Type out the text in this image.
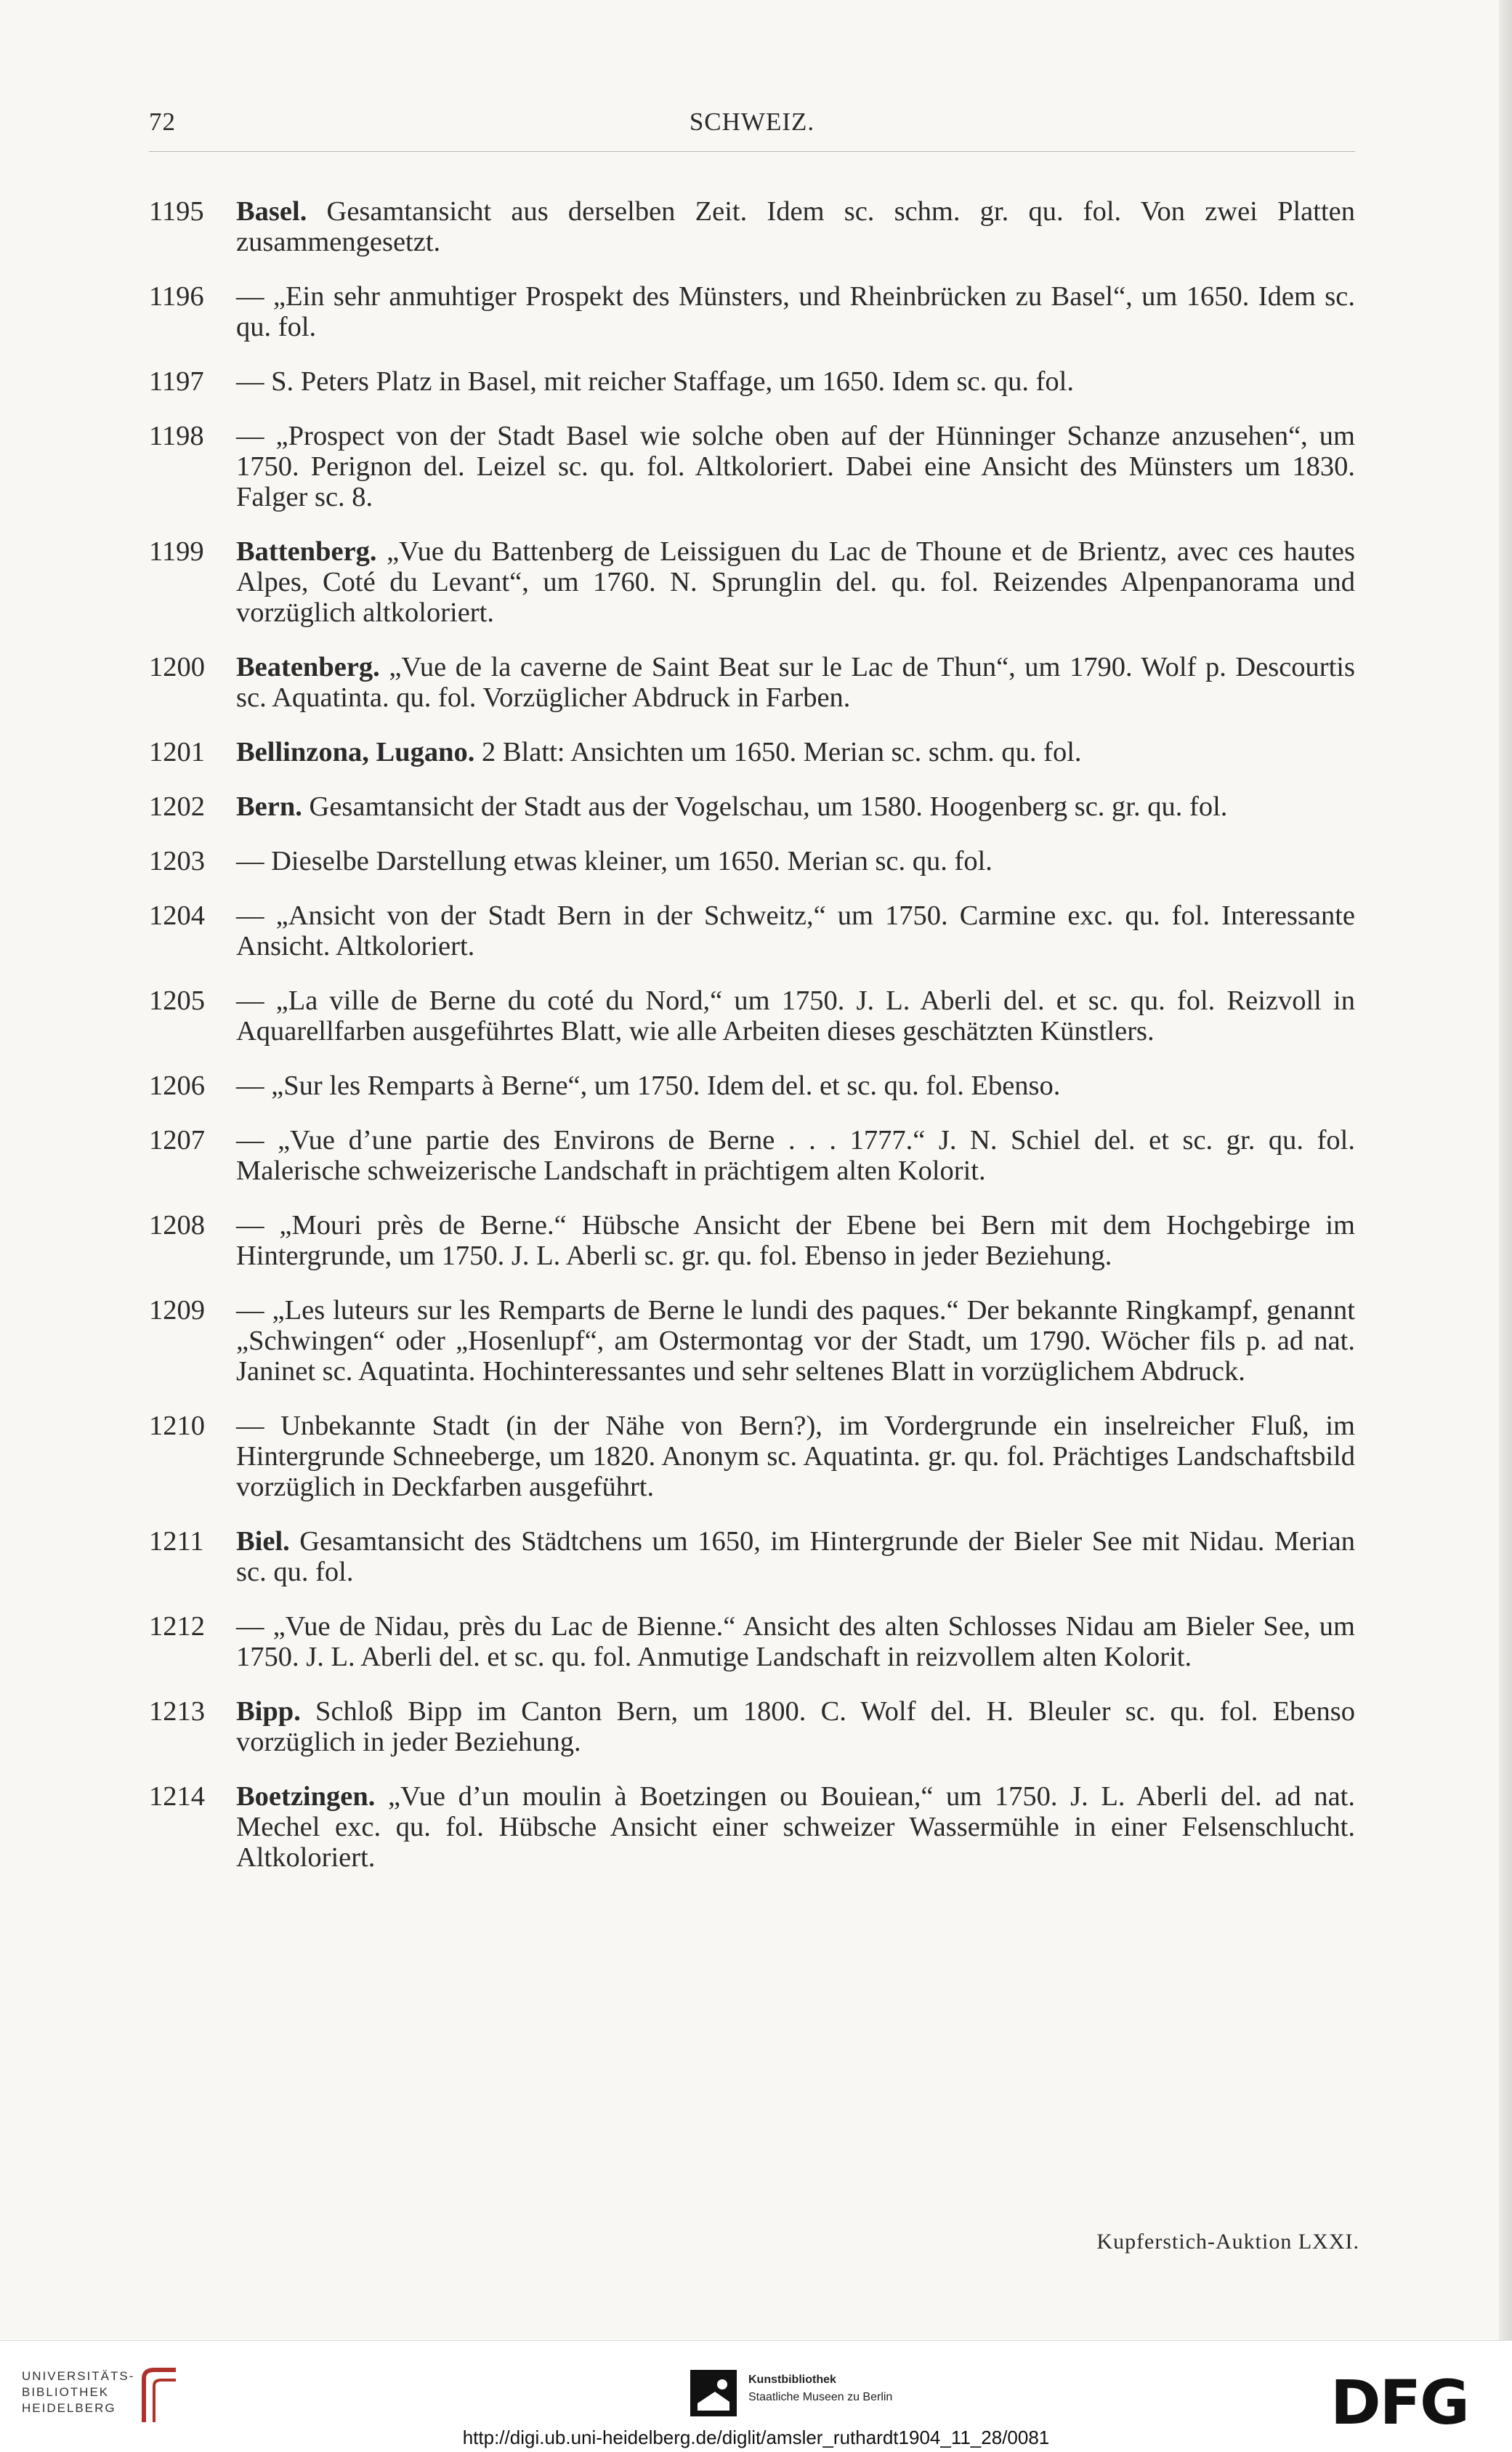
72	SCHWEIZ.
1195	Basel. Gesamtansicht aus derselben Zeit. Idem sc. schm. gr. qu. fol. Von zwei Platten zusammengesetzt.
1196	— „Ein sehr anmuhtiger Prospekt des Münsters, und Rheinbrücken zu Basel“, um 1650. Idem sc. qu. fol.
1197	— S. Peters Platz in Basel, mit reicher Staffage, um 1650. Idem sc. qu. fol.
1198	— „Prospect von der Stadt Basel wie solche oben auf der Hünninger Schanze anzusehen“, um 1750. Perignon del. Leizel sc. qu. fol. Altkoloriert. Dabei eine Ansicht des Münsters um 1830. Falger sc. 8.
1199	Battenberg. „Vue du Battenberg de Leissiguen du Lac de Thoune et de Brientz, avec ces hautes Alpes, Coté du Levant“, um 1760. N. Sprunglin del. qu. fol. Reizendes Alpenpanorama und vorzüglich altkoloriert.
1200	Beatenberg. „Vue de la caverne de Saint Beat sur le Lac de Thun“, um 1790. Wolf p. Descourtis sc. Aquatinta. qu. fol. Vorzüglicher Abdruck in Farben.
1201	Bellinzona, Lugano. 2 Blatt: Ansichten um 1650. Merian sc. schm. qu. fol.
1202	Bern. Gesamtansicht der Stadt aus der Vogelschau, um 1580. Hoogenberg sc. gr. qu. fol.
1203	— Dieselbe Darstellung etwas kleiner, um 1650. Merian sc. qu. fol.
1204	— „Ansicht von der Stadt Bern in der Schweitz,“ um 1750. Carmine exc. qu. fol. Interessante Ansicht. Altkoloriert.
1205	— „La ville de Berne du coté du Nord,“ um 1750. J. L. Aberli del. et sc. qu. fol. Reizvoll in Aquarellfarben ausgeführtes Blatt, wie alle Arbeiten dieses geschätzten Künstlers.
1206	— „Sur les Remparts à Berne“, um 1750. Idem del. et sc. qu. fol. Ebenso.
1207	— „Vue d’une partie des Environs de Berne . . . 1777.“ J. N. Schiel del. et sc. gr. qu. fol. Malerische schweizerische Landschaft in prächtigem alten Kolorit.
1208	— „Mouri près de Berne.“ Hübsche Ansicht der Ebene bei Bern mit dem Hochgebirge im Hintergrunde, um 1750. J. L. Aberli sc. gr. qu. fol. Ebenso in jeder Beziehung.
1209	— „Les luteurs sur les Remparts de Berne le lundi des paques.“ Der bekannte Ringkampf, genannt „Schwingen“ oder „Hosenlupf“, am Ostermontag vor der Stadt, um 1790. Wöcher fils p. ad nat. Janinet sc. Aquatinta. Hochinteressantes und sehr seltenes Blatt in vorzüglichem Abdruck.
1210	— Unbekannte Stadt (in der Nähe von Bern?), im Vordergrunde ein inselreicher Fluß, im Hintergrunde Schneeberge, um 1820. Anonym sc. Aquatinta. gr. qu. fol. Prächtiges Landschaftsbild vorzüglich in Deckfarben ausgeführt.
1211	Biel. Gesamtansicht des Städtchens um 1650, im Hintergrunde der Bieler See mit Nidau. Merian sc. qu. fol.
1212	— „Vue de Nidau, près du Lac de Bienne.“ Ansicht des alten Schlosses Nidau am Bieler See, um 1750. J. L. Aberli del. et sc. qu. fol. Anmutige Landschaft in reizvollem alten Kolorit.
1213	Bipp. Schloß Bipp im Canton Bern, um 1800. C. Wolf del. H. Bleuler sc. qu. fol. Ebenso vorzüglich in jeder Beziehung.
1214	Boetzingen. „Vue d’un moulin à Boetzingen ou Bouiean,“ um 1750. J. L. Aberli del. ad nat. Mechel exc. qu. fol. Hübsche Ansicht einer schweizer Wassermühle in einer Felsenschlucht. Altkoloriert.
Kupferstich-Auktion LXXI.
UNIVERSITÄTS-
BIBLIOTHEK
HEIDELBERG
Kunstbibliothek
Staatliche Museen zu Berlin	DFG
http://digi.ub.uni-heidelberg.de/diglit/amsler_ruthardt1904_11_28/0081
